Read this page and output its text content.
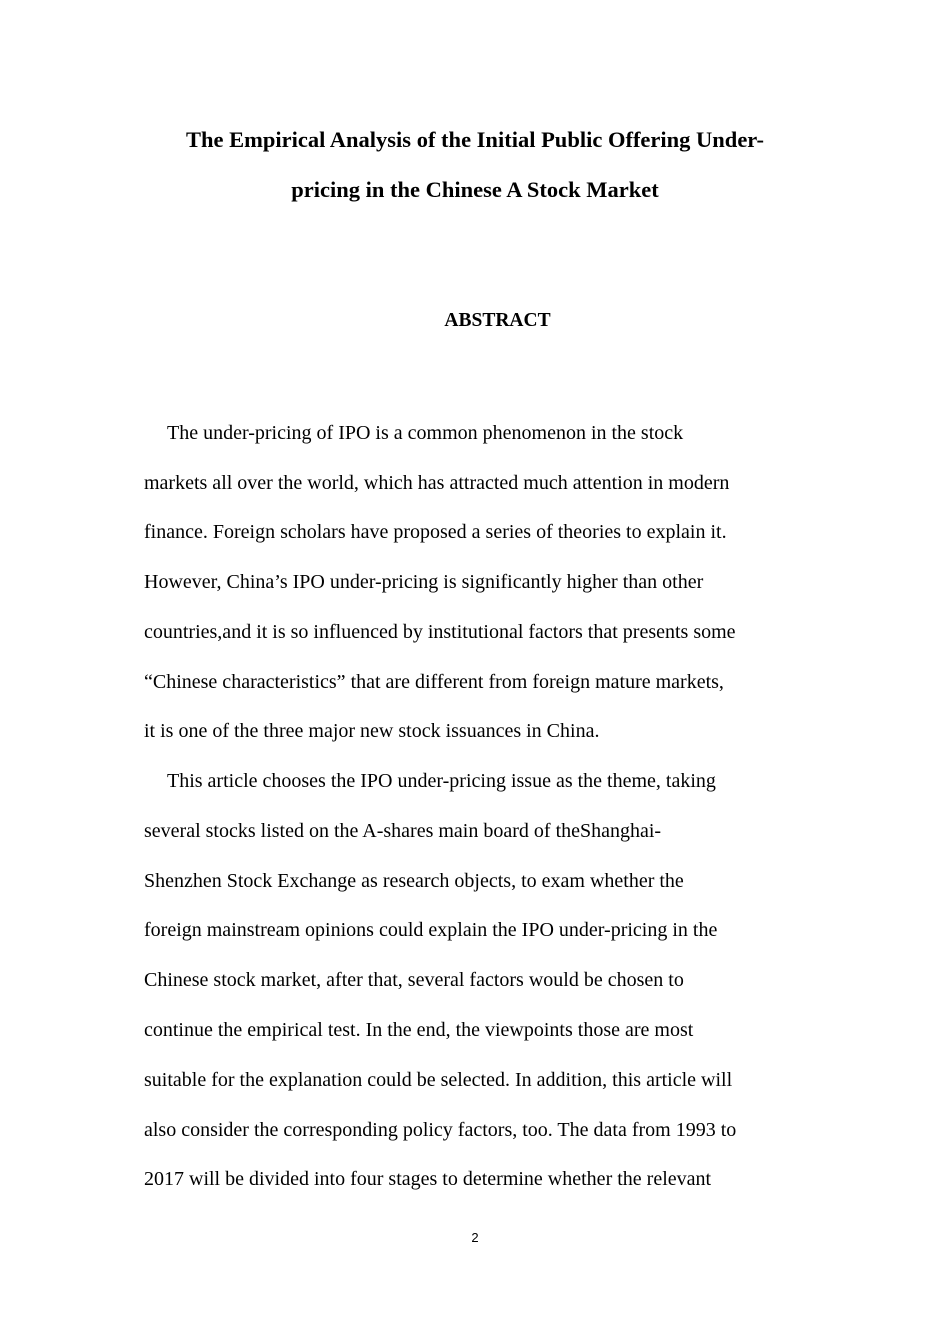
The Empirical Analysis of the Initial Public Offering Under-
pricing in the Chinese A Stock Market
ABSTRACT

The under-pricing of IPO is a common phenomenon in the stock

markets all over the world, which has attracted much attention in modern

finance. Foreign scholars have proposed a series of theories to explain it.

However, China’s IPO under-pricing is significantly higher than other

countries,and it is so influenced by institutional factors that presents some

“Chinese characteristics” that are different from foreign mature markets,

it is one of the three major new stock issuances in China.

This article chooses the IPO under-pricing issue as the theme, taking

several stocks listed on the A-shares main board of theShanghai-

Shenzhen Stock Exchange as research objects, to exam whether the

foreign mainstream opinions could explain the IPO under-pricing in the

Chinese stock market, after that, several factors would be chosen to

continue the empirical test. In the end, the viewpoints those are most

suitable for the explanation could be selected. In addition, this article will

also consider the corresponding policy factors, too. The data from 1993 to

2017 will be divided into four stages to determine whether the relevant

2
